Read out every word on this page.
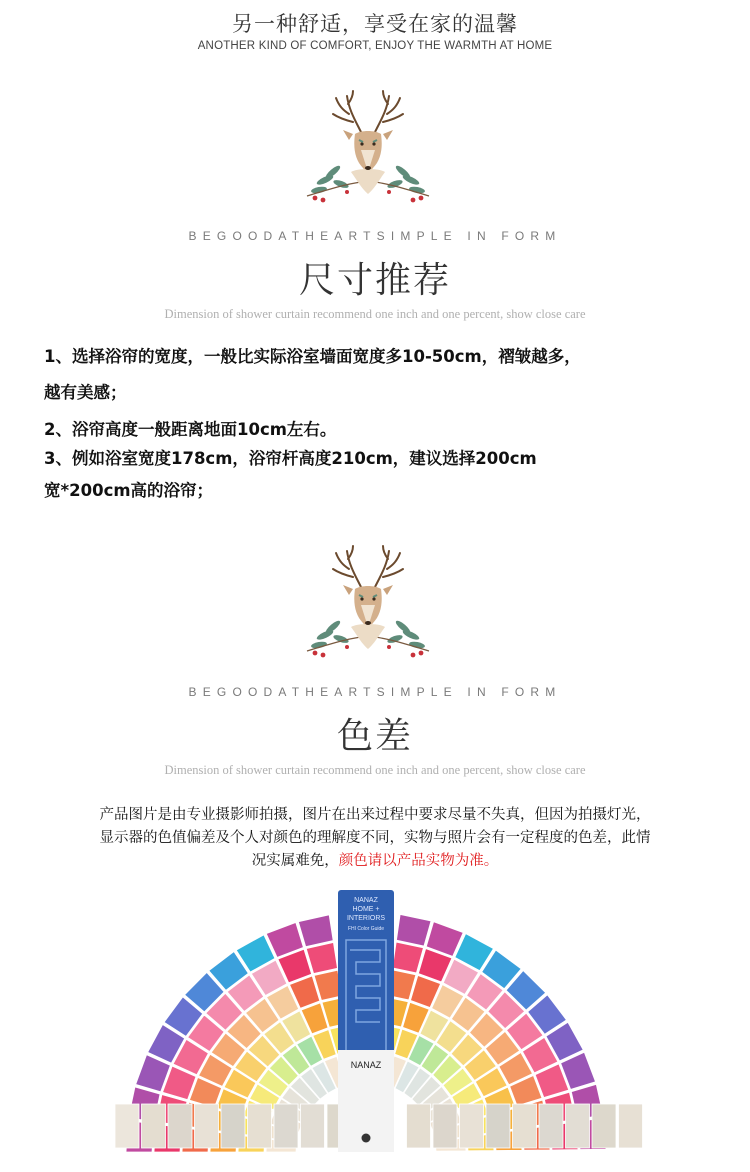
另一种舒适，享受在家的温馨
ANOTHER KIND OF COMFORT, ENJOY THE WARMTH AT HOME
BEGOODATHEARTSIMPLE IN FORM
尺寸推荐
Dimension of shower curtain recommend one inch and one percent, show close care
1、选择浴帘的宽度，一般比实际浴室墙面宽度多10-50cm，褶皱越多，
越有美感；
2、浴帘高度一般距离地面10cm左右。
3、例如浴室宽度178cm，浴帘杆高度210cm，建议选择200cm
宽*200cm高的浴帘；
BEGOODATHEARTSIMPLE IN FORM
色差
Dimension of shower curtain recommend one inch and one percent, show close care
产品图片是由专业摄影师拍摄，图片在出来过程中要求尽量不失真，但因为拍摄灯光，
显示器的色值偏差及个人对颜色的理解度不同，实物与照片会有一定程度的色差，此情
况实属难免，颜色请以产品实物为准。
NANAZ
HOME +
INTERIORS
FHI Color Guide
NANAZ
